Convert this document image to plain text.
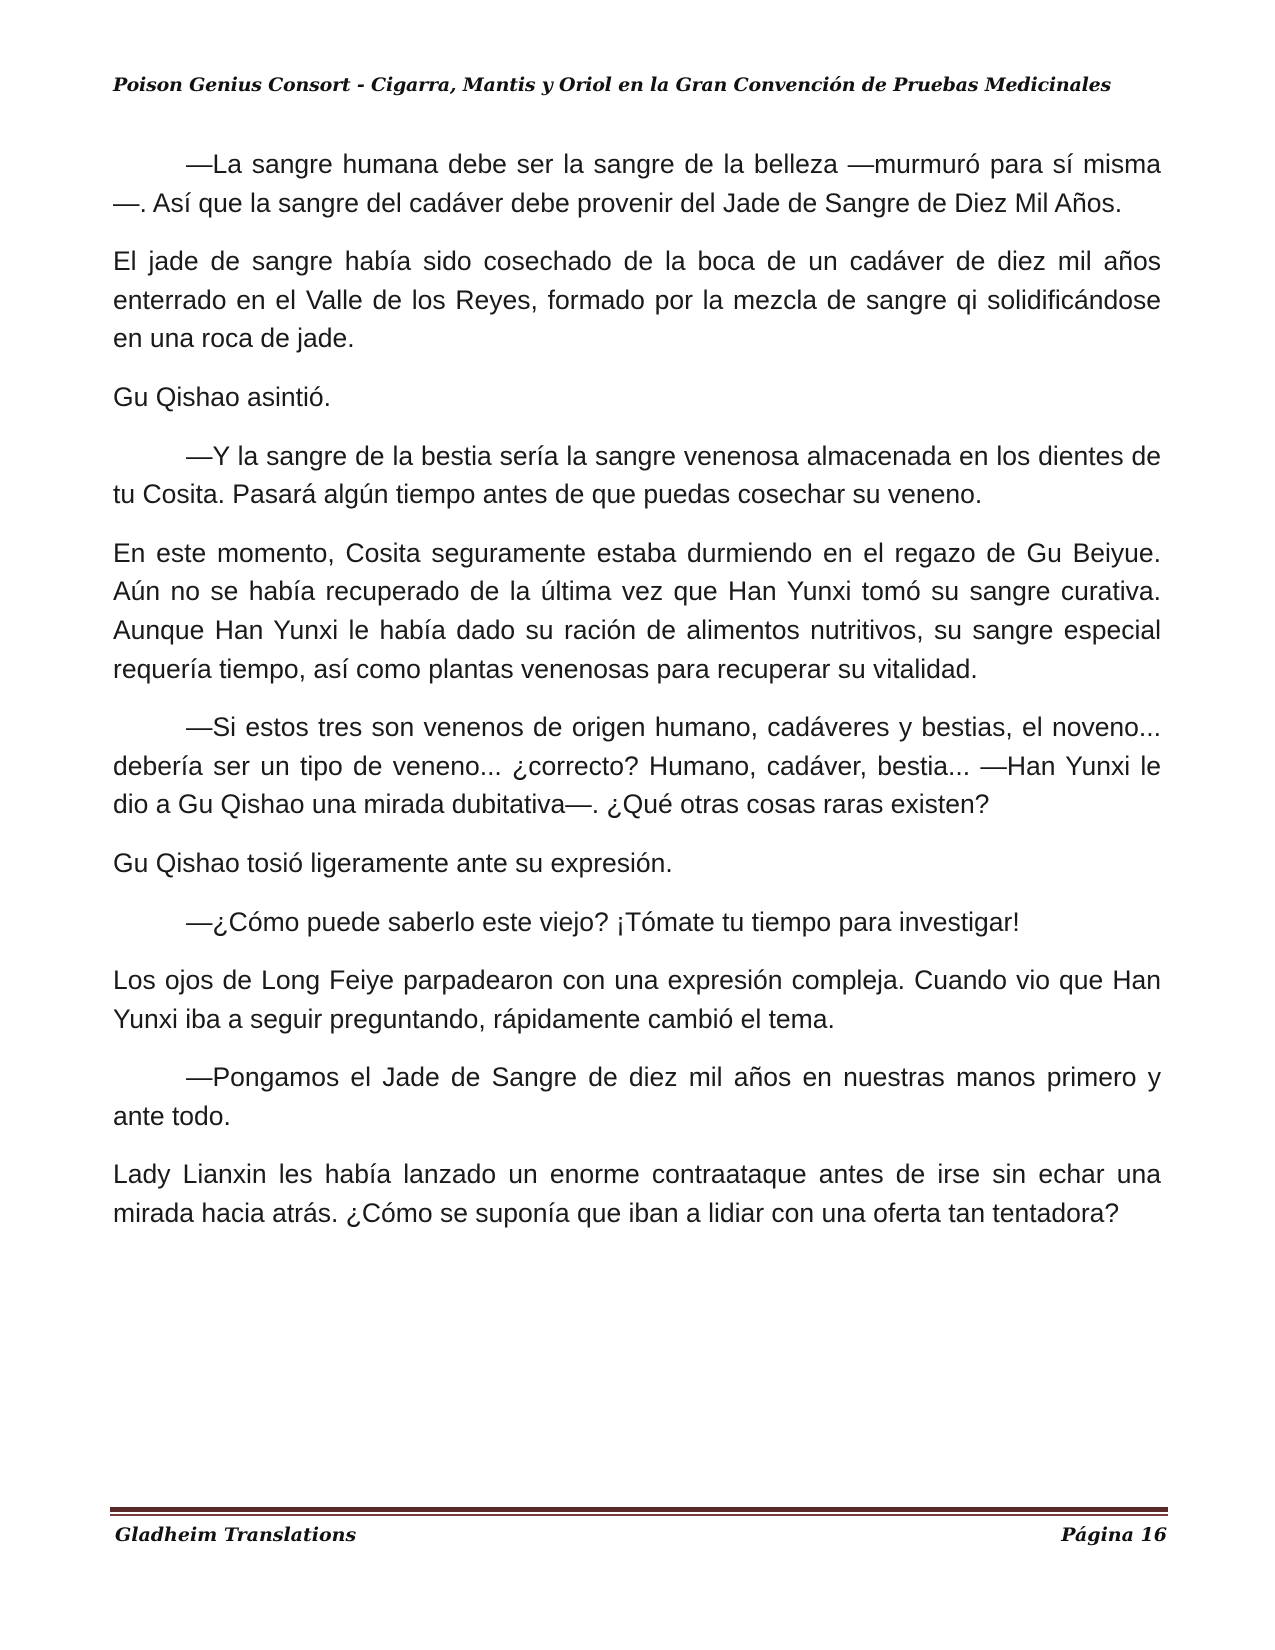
Poison Genius Consort - Cigarra, Mantis y Oriol en la Gran Convención de Pruebas Medicinales

—La sangre humana debe ser la sangre de la belleza —murmuró para sí misma—. Así que la sangre del cadáver debe provenir del Jade de Sangre de Diez Mil Años.

El jade de sangre había sido cosechado de la boca de un cadáver de diez mil años enterrado en el Valle de los Reyes, formado por la mezcla de sangre qi solidificándose en una roca de jade.

Gu Qishao asintió.

—Y la sangre de la bestia sería la sangre venenosa almacenada en los dientes de tu Cosita. Pasará algún tiempo antes de que puedas cosechar su veneno.

En este momento, Cosita seguramente estaba durmiendo en el regazo de Gu Beiyue. Aún no se había recuperado de la última vez que Han Yunxi tomó su sangre curativa. Aunque Han Yunxi le había dado su ración de alimentos nutritivos, su sangre especial requería tiempo, así como plantas venenosas para recuperar su vitalidad.

—Si estos tres son venenos de origen humano, cadáveres y bestias, el noveno... debería ser un tipo de veneno... ¿correcto? Humano, cadáver, bestia... —Han Yunxi le dio a Gu Qishao una mirada dubitativa—. ¿Qué otras cosas raras existen?

Gu Qishao tosió ligeramente ante su expresión.

—¿Cómo puede saberlo este viejo? ¡Tómate tu tiempo para investigar!

Los ojos de Long Feiye parpadearon con una expresión compleja. Cuando vio que Han Yunxi iba a seguir preguntando, rápidamente cambió el tema.

—Pongamos el Jade de Sangre de diez mil años en nuestras manos primero y ante todo.

Lady Lianxin les había lanzado un enorme contraataque antes de irse sin echar una mirada hacia atrás. ¿Cómo se suponía que iban a lidiar con una oferta tan tentadora?

Gladheim Translations	Página 16
